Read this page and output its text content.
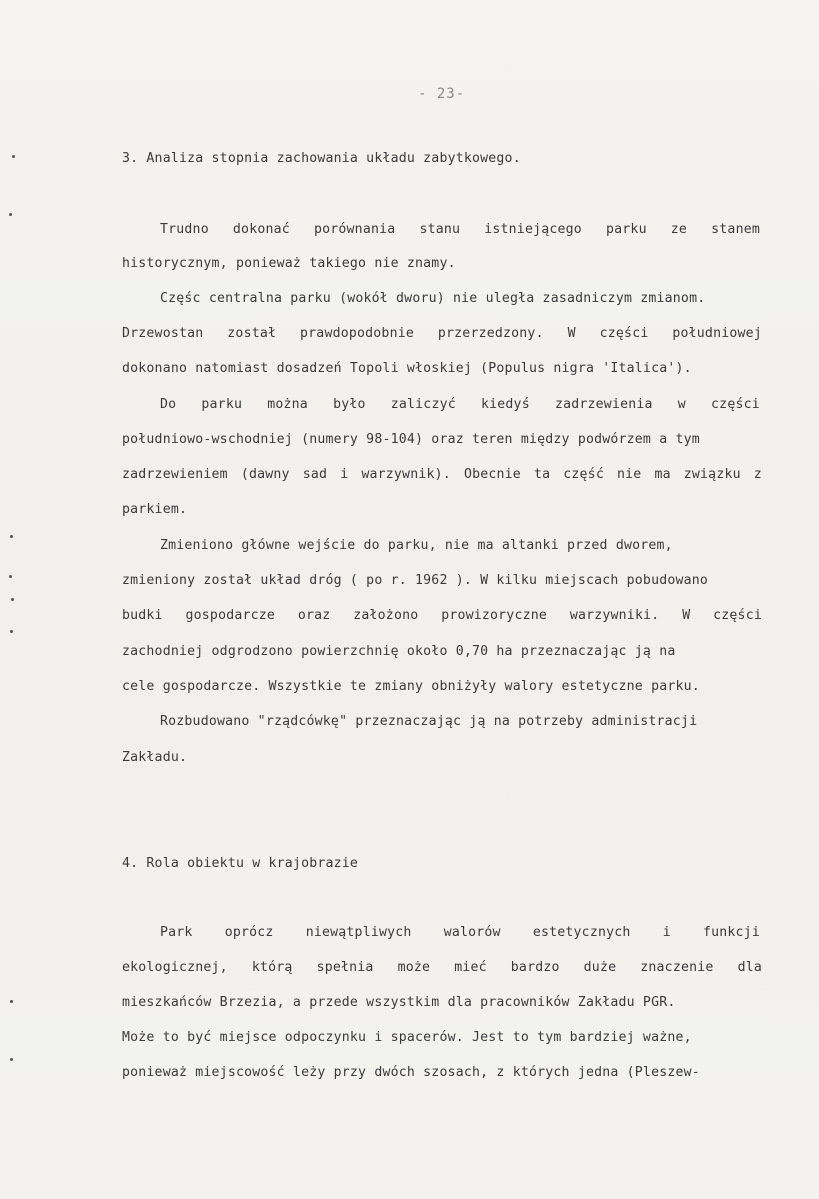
- 23-
3. Analiza stopnia zachowania układu zabytkowego.
Trudno dokonać porównania stanu istniejącego parku ze stanem
historycznym, ponieważ takiego nie znamy.
Częśc centralna parku (wokół dworu) nie uległa zasadniczym zmianom.
Drzewostan został prawdopodobnie przerzedzony. W części południowej
dokonano natomiast dosadzeń Topoli włoskiej (Populus nigra 'Italica').
Do parku można było zaliczyć kiedyś zadrzewienia w części
południowo-wschodniej (numery 98-104) oraz teren między podwórzem a tym
zadrzewieniem (dawny sad i warzywnik). Obecnie ta część nie ma związku z
parkiem.
Zmieniono główne wejście do parku, nie ma altanki przed dworem,
zmieniony został układ dróg ( po r. 1962 ). W kilku miejscach pobudowano
budki gospodarcze oraz założono prowizoryczne warzywniki. W części
zachodniej odgrodzono powierzchnię około 0,70 ha przeznaczając ją na
cele gospodarcze. Wszystkie te zmiany obniżyły walory estetyczne parku.
Rozbudowano "rządcówkę" przeznaczając ją na potrzeby administracji
Zakładu.
4. Rola obiektu w krajobrazie
Park oprócz niewątpliwych walorów estetycznych i funkcji
ekologicznej, którą spełnia może mieć bardzo duże znaczenie dla
mieszkańców Brzezia, a przede wszystkim dla pracowników Zakładu PGR.
Może to być miejsce odpoczynku i spacerów. Jest to tym bardziej ważne,
ponieważ miejscowość leży przy dwóch szosach, z których jedna (Pleszew-
